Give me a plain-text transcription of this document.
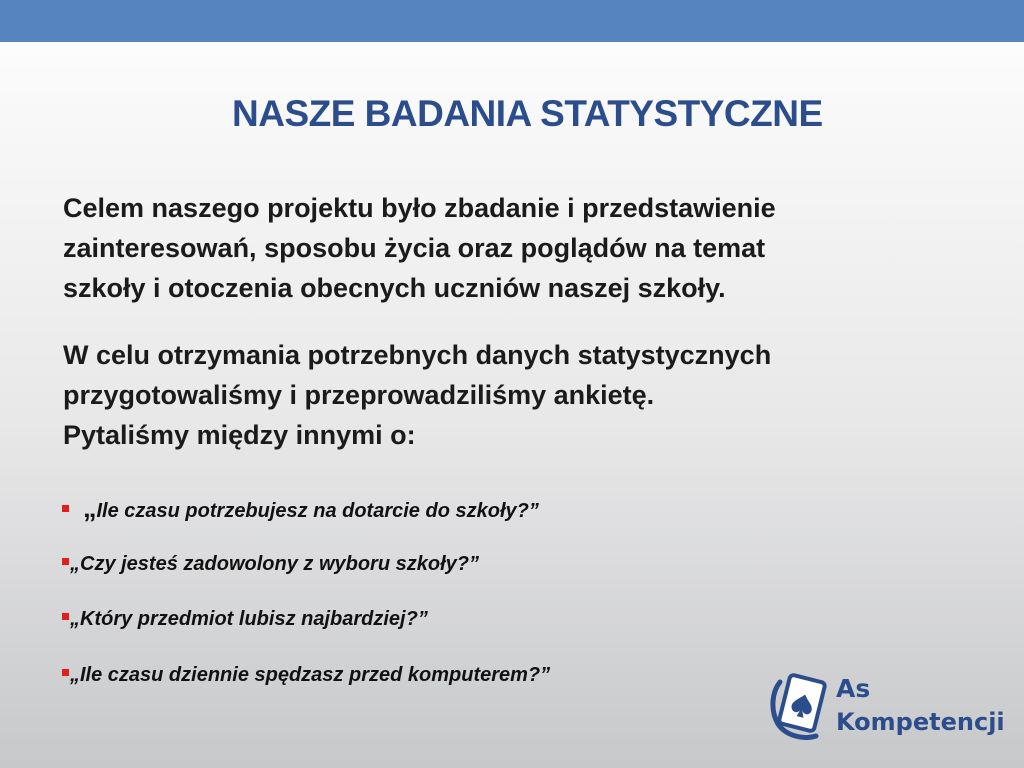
NASZE BADANIA STATYSTYCZNE

Celem naszego projektu było zbadanie i przedstawienie
zainteresowań, sposobu życia oraz poglądów na temat
szkoły i otoczenia obecnych uczniów naszej szkoły.

W celu otrzymania potrzebnych danych statystycznych
przygotowaliśmy i przeprowadziliśmy ankietę.
Pytaliśmy między innymi o:

„Ile czasu potrzebujesz na dotarcie do szkoły?”
„Czy jesteś zadowolony z wyboru szkoły?”
„Który przedmiot lubisz najbardziej?”
„Ile czasu dziennie spędzasz przed komputerem?”	As
Kompetencji
